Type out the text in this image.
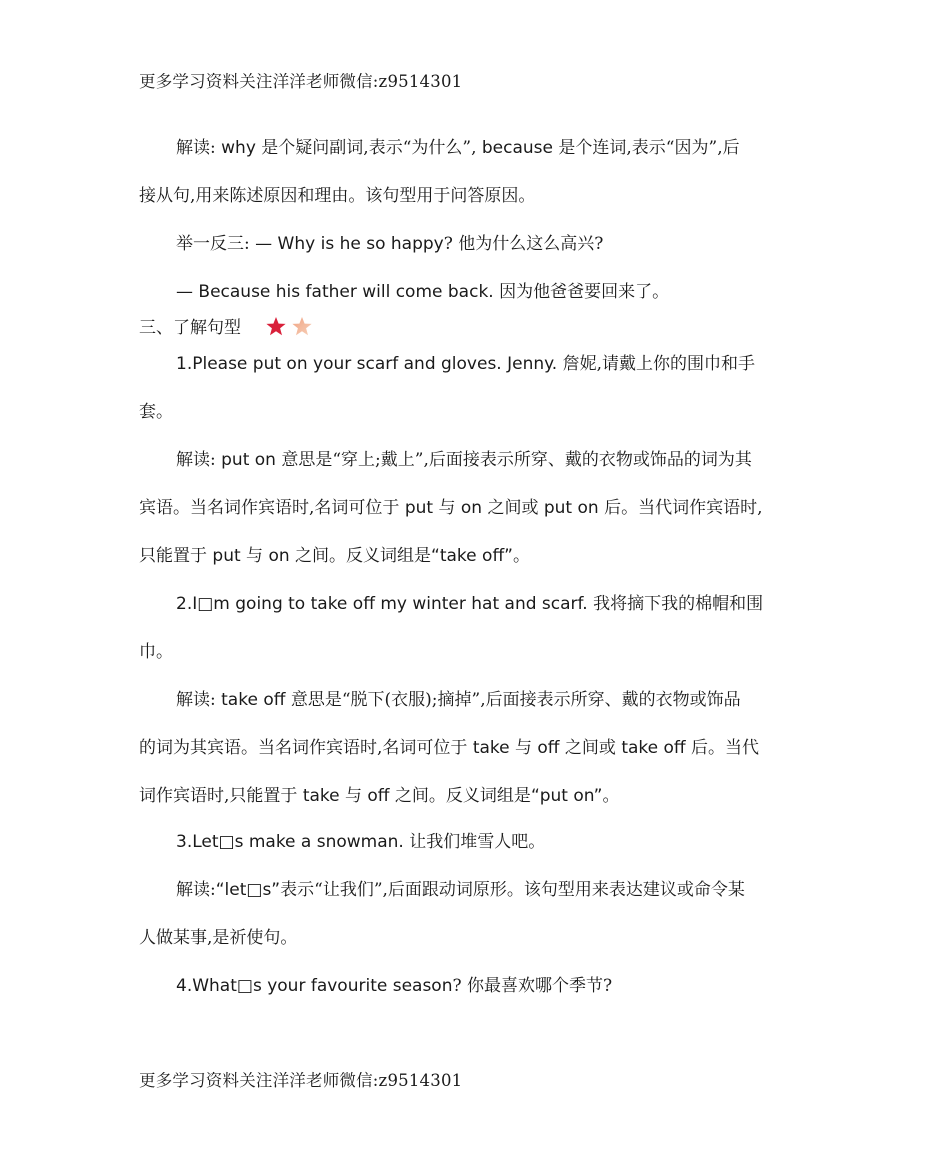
更多学习资料关注洋洋老师微信:z9514301
解读: why 是个疑问副词,表示“为什么”, because 是个连词,表示“因为”,后
接从句,用来陈述原因和理由。该句型用于问答原因。
举一反三: — Why is he so happy? 他为什么这么高兴?
— Because his father will come back. 因为他爸爸要回来了。
三、了解句型
1.Please put on your scarf and gloves. Jenny. 詹妮,请戴上你的围巾和手
套。
解读: put on 意思是“穿上;戴上”,后面接表示所穿、戴的衣物或饰品的词为其
宾语。当名词作宾语时,名词可位于 put 与 on 之间或 put on 后。当代词作宾语时,
只能置于 put 与 on 之间。反义词组是“take off”。
2.I□m going to take off my winter hat and scarf. 我将摘下我的棉帽和围
巾。
解读: take off 意思是“脱下(衣服);摘掉”,后面接表示所穿、戴的衣物或饰品
的词为其宾语。当名词作宾语时,名词可位于 take 与 off 之间或 take off 后。当代
词作宾语时,只能置于 take 与 off 之间。反义词组是“put on”。
3.Let□s make a snowman. 让我们堆雪人吧。
解读:“let□s”表示“让我们”,后面跟动词原形。该句型用来表达建议或命令某
人做某事,是祈使句。
4.What□s your favourite season? 你最喜欢哪个季节?
更多学习资料关注洋洋老师微信:z9514301
